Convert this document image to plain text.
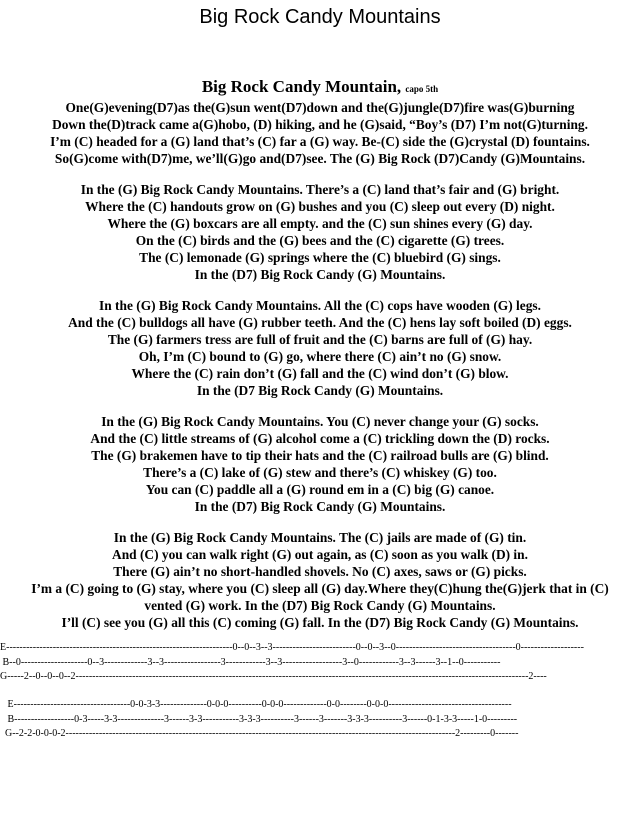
Big Rock Candy Mountains
Big Rock Candy Mountain, capo 5th
One(G)evening(D7)as the(G)sun went(D7)down and the(G)jungle(D7)fire was(G)burning
Down the(D)track came a(G)hobo, (D) hiking, and he (G)said, “Boy’s (D7) I’m not(G)turning.
I’m (C) headed for a (G) land that’s (C) far a (G) way. Be-(C) side the (G)crystal (D) fountains.
So(G)come with(D7)me, we’ll(G)go and(D7)see. The (G) Big Rock (D7)Candy (G)Mountains.
In the (G) Big Rock Candy Mountains. There’s a (C) land that’s fair and (G) bright.
Where the (C) handouts grow on (G) bushes and you (C) sleep out every (D) night.
Where the (G) boxcars are all empty. and the (C) sun shines every (G) day.
On the (C) birds and the (G) bees and the (C) cigarette (G) trees.
The (C) lemonade (G) springs where the (C) bluebird (G) sings.
In the (D7) Big Rock Candy (G) Mountains.
In the (G) Big Rock Candy Mountains. All the (C) cops have wooden (G) legs.
And the (C) bulldogs all have (G) rubber teeth. And the (C) hens lay soft boiled (D) eggs.
The (G) farmers tress are full of fruit and the (C) barns are full of (G) hay.
Oh, I’m (C) bound to (G) go, where there (C) ain’t no (G) snow.
Where the (C) rain don’t (G) fall and the (C) wind don’t (G) blow.
In the (D7 Big Rock Candy (G) Mountains.
In the (G) Big Rock Candy Mountains. You (C) never change your (G) socks.
And the (C) little streams of (G) alcohol come a (C) trickling down the (D) rocks.
The (G) brakemen have to tip their hats and the (C) railroad bulls are (G) blind.
There’s a (C) lake of (G) stew and there’s (C) whiskey (G) too.
You can (C) paddle all a (G) round em in a (C) big (G) canoe.
In the (D7) Big Rock Candy (G) Mountains.
In the (G) Big Rock Candy Mountains. The (C) jails are made of (G) tin.
And (C) you can walk right (G) out again, as (C) soon as you walk (D) in.
There (G) ain’t no short-handled shovels. No (C) axes, saws or (G) picks.
I’m a (C) going to (G) stay, where you (C) sleep all (G) day.Where they(C)hung the(G)jerk that in (C)
vented (G) work. In the (D7) Big Rock Candy (G) Mountains.
I’ll (C) see you (G) all this (C) coming (G) fall. In the (D7) Big Rock Candy (G) Mountains.
E--------------------------------------------------------------------0--0--3--3-------------------------0--0--3--0------------------------------------0-------------------
B--0--------------------0--3-------------3--3-----------------3------------3--3------------------3--0------------3--3------3--1--0-----------
G-----2--0--0--0--2----------------------------------------------------------------------------------------------------------------------------------------2----
E-----------------------------------0-0-3-3--------------0-0-0----------0-0-0-------------0-0--------0-0-0-------------------------------------
B------------------0-3-----3-3--------------3------3-3-----------3-3-3----------3------3-------3-3-3----------3------0-1-3-3-----1-0---------
G--2-2-0-0-0-2---------------------------------------------------------------------------------------------------------------------2---------0-------
